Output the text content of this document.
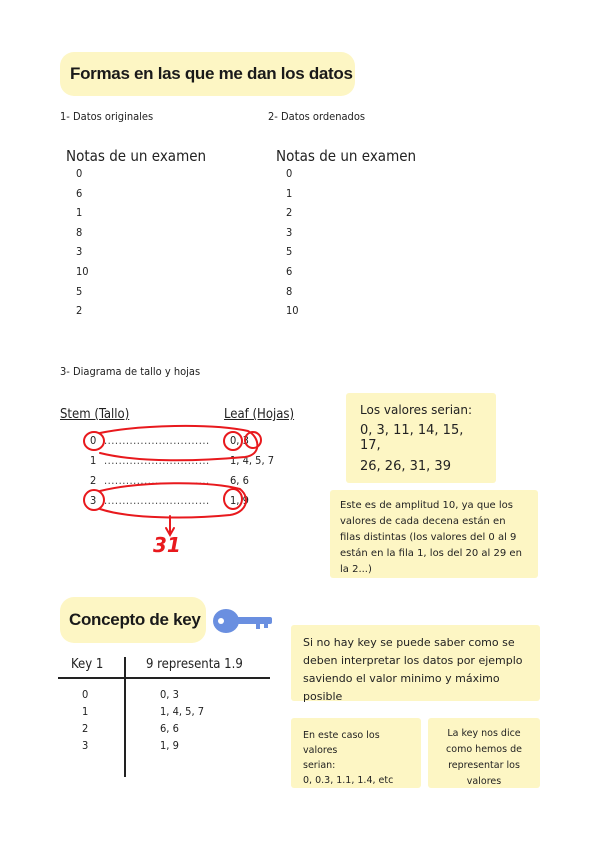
Formas en las que me dan los datos
1- Datos originales
Notas de un examen
0
6
1
8
3
10
5
2
2- Datos ordenados
Notas de un examen
0
1
2
3
5
6
8
10
3- Diagrama de tallo y hojas
Stem (Tallo)	Leaf (Hojas)
0 ............................. 0, 3
1 ............................. 1, 4, 5, 7
2 ............................. 6, 6
3 ............................. 1, 9
31
Los valores serian:
0, 3, 11, 14, 15, 17,
26, 26, 31, 39
Este es de amplitud 10, ya que los valores de cada decena están en filas distintas (los valores del 0 al 9 están en la fila 1, los del 20 al 29 en la 2...)
Concepto de key
Si no hay key se puede saber como se deben interpretar los datos por ejemplo saviendo el valor minimo y máximo posible
Key 1	9 representa 1.9
0
1
2
3
0, 3
1, 4, 5, 7
6, 6
1, 9
En este caso los valores
serian:
0, 0.3, 1.1, 1.4, etc
La key nos dice como hemos de representar los valores
